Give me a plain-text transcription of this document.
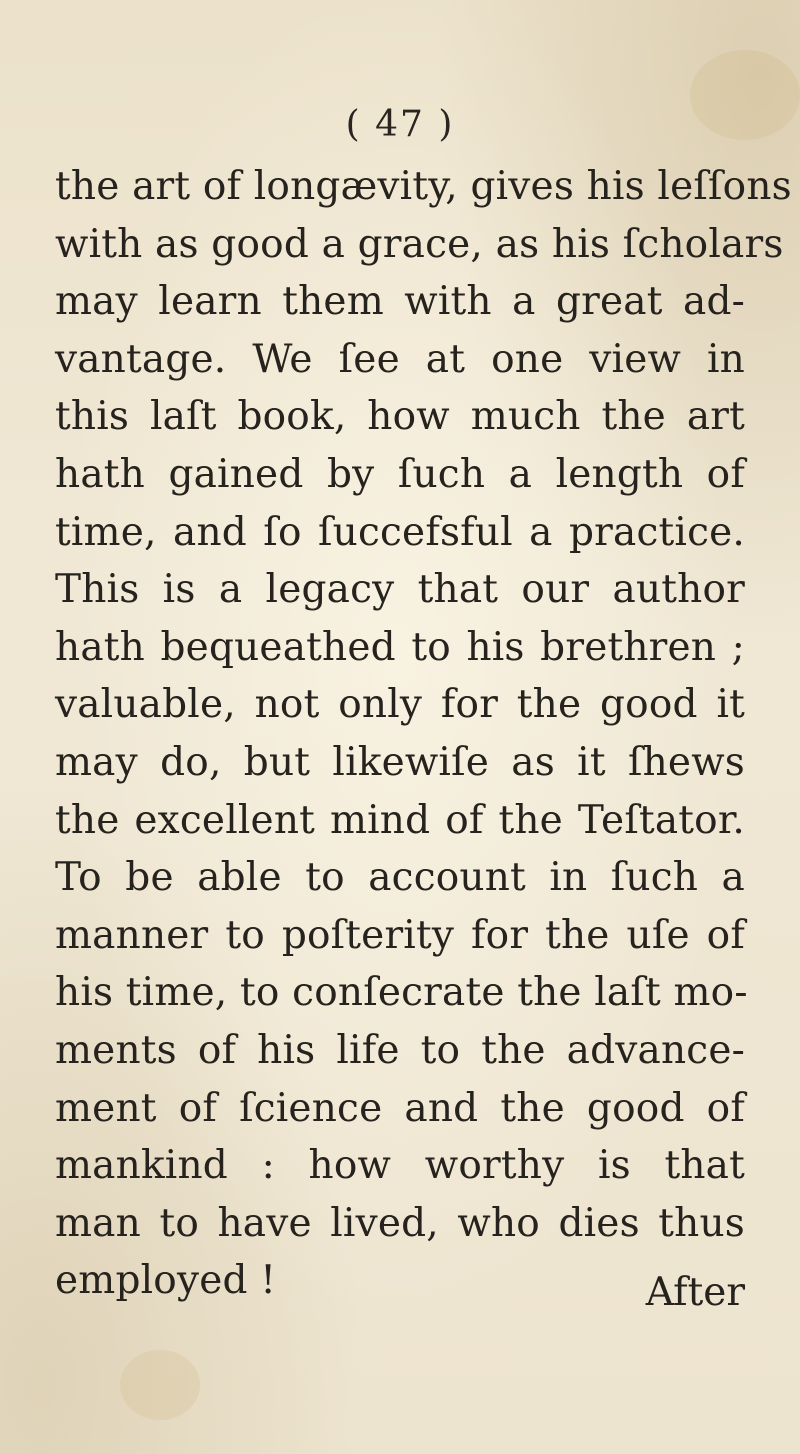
( 47 )
the art of longævity, gives his leſſons
with as good a grace, as his ſcholars
may learn them with a great ad-
vantage. We ſee at one view in
this laſt book, how much the art
hath gained by ſuch a length of
time, and ſo ſuccefsful a practice.
This is a legacy that our author
hath bequeathed to his brethren ;
valuable, not only for the good it
may do, but likewiſe as it ſhews
the excellent mind of the Teſtator.
To be able to account in ſuch a
manner to poſterity for the uſe of
his time, to conſecrate the laſt mo-
ments of his life to the advance-
ment of ſcience and the good of
mankind : how worthy is that
man to have lived, who dies thus
employed !	After
